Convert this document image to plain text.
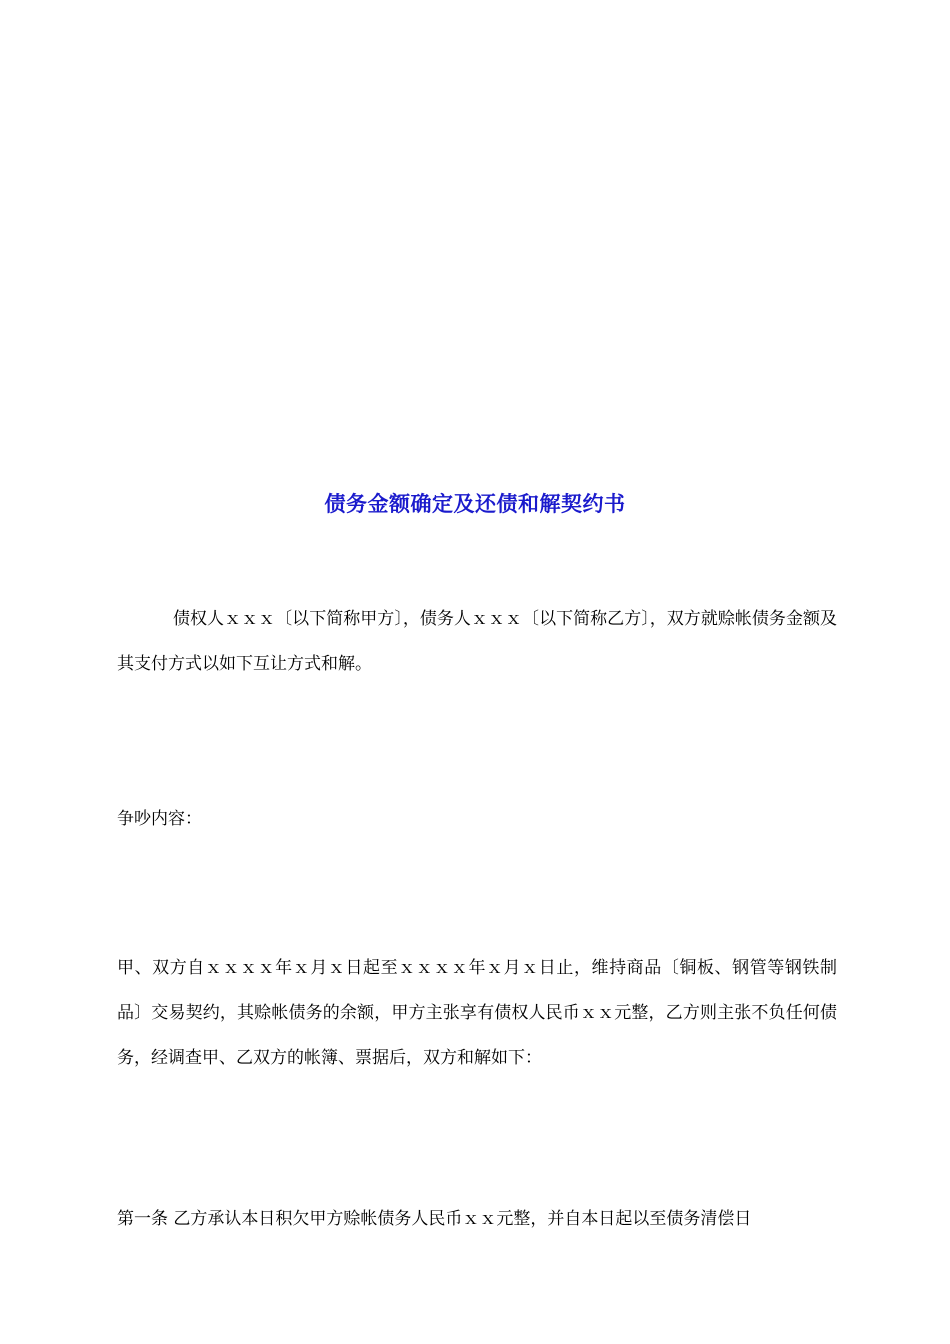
债务金额确定及还债和解契约书

债权人ｘｘｘ〔以下简称甲方〕，债务人ｘｘｘ〔以下简称乙方〕，双方就赊帐债务金额及其支付方式以如下互让方式和解。

争吵内容：

甲、双方自ｘｘｘｘ年ｘ月ｘ日起至ｘｘｘｘ年ｘ月ｘ日止，维持商品〔铜板、钢管等钢铁制品〕交易契约，其赊帐债务的余额，甲方主张享有债权人民币ｘｘ元整，乙方则主张不负任何债务，经调查甲、乙双方的帐簿、票据后，双方和解如下：

第一条 乙方承认本日积欠甲方赊帐债务人民币ｘｘ元整，并自本日起以至债务清偿日
